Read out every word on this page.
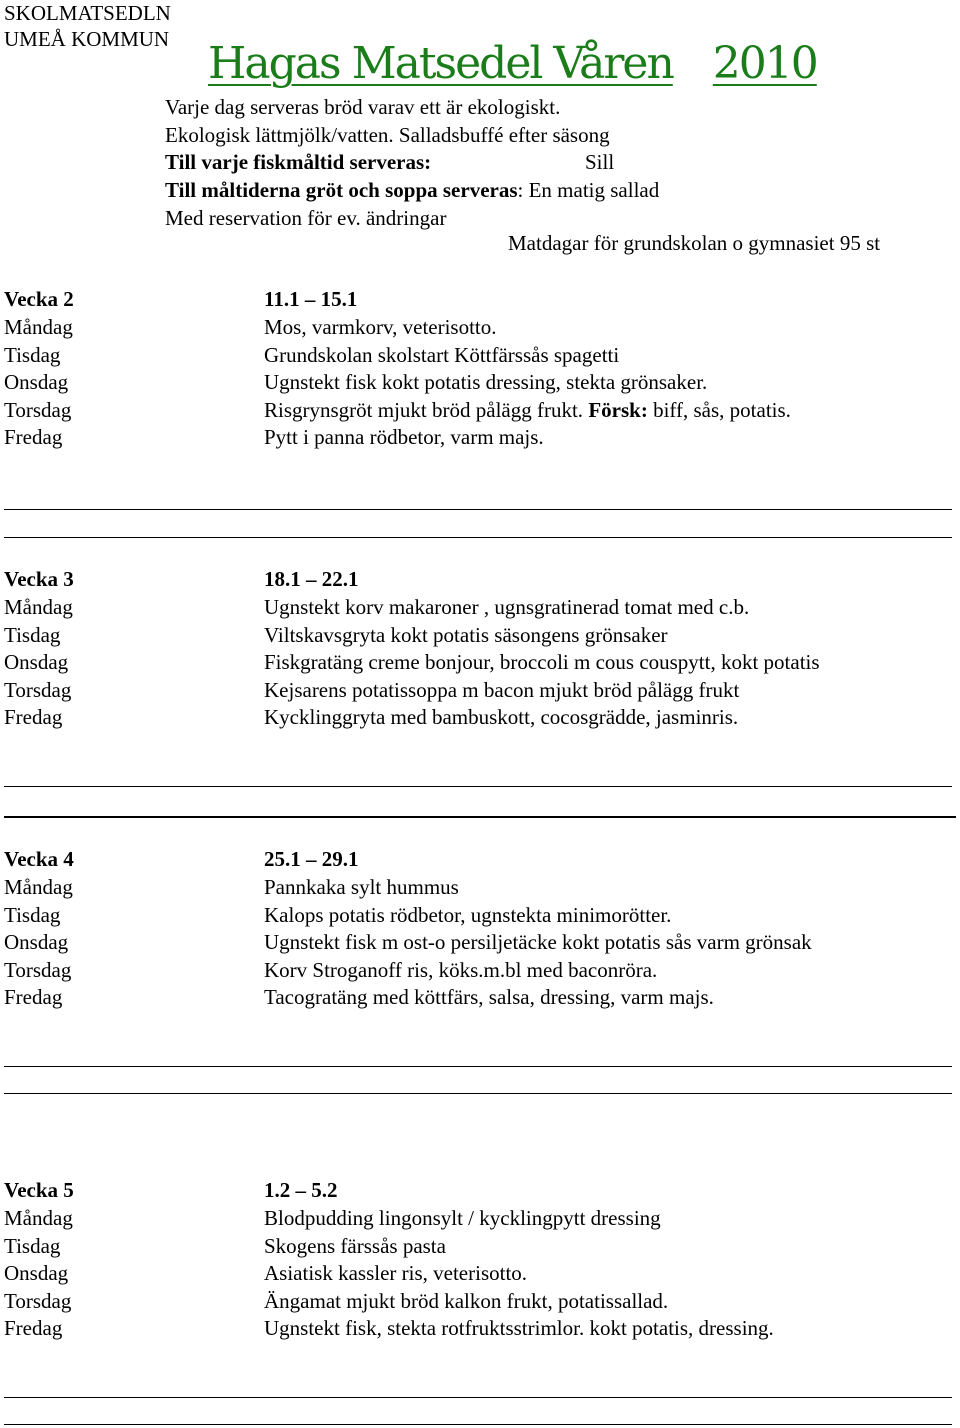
SKOLMATSEDLN
UMEÅ KOMMUN Hagas Matsedel Våren 2010
Varje dag serveras bröd varav ett är ekologiskt.
Ekologisk lättmjölk/vatten. Salladsbuffé efter säsong
Till varje fiskmåltid serveras:	Sill
Till måltiderna gröt och soppa serveras: En matig sallad
Med reservation för ev. ändringar
Matdagar för grundskolan o gymnasiet 95 st
Vecka 2	11.1 – 15.1
Måndag	Mos, varmkorv, veterisotto.
Tisdag	Grundskolan skolstart Köttfärssås spagetti
Onsdag	Ugnstekt fisk kokt potatis dressing, stekta grönsaker.
Torsdag	Risgrynsgröt mjukt bröd pålägg frukt. Försk: biff, sås, potatis.
Fredag	Pytt i panna rödbetor, varm majs.
Vecka 3	18.1 – 22.1
Måndag	Ugnstekt korv makaroner , ugnsgratinerad tomat med c.b.
Tisdag	Viltskavsgryta kokt potatis säsongens grönsaker
Onsdag	Fiskgratäng creme bonjour, broccoli m cous couspytt, kokt potatis
Torsdag	Kejsarens potatissoppa m bacon mjukt bröd pålägg frukt
Fredag	Kycklinggryta med bambuskott, cocosgrädde, jasminris.
Vecka 4	25.1 – 29.1
Måndag	Pannkaka sylt hummus
Tisdag	Kalops potatis rödbetor, ugnstekta minimorötter.
Onsdag	Ugnstekt fisk m ost-o persiljetäcke kokt potatis sås varm grönsak
Torsdag	Korv Stroganoff ris, köks.m.bl med baconröra.
Fredag	Tacogratäng med köttfärs, salsa, dressing, varm majs.
Vecka 5	1.2 – 5.2
Måndag	Blodpudding lingonsylt / kycklingpytt dressing
Tisdag	Skogens färssås pasta
Onsdag	Asiatisk kassler ris, veterisotto.
Torsdag	Ängamat mjukt bröd kalkon frukt, potatissallad.
Fredag	Ugnstekt fisk, stekta rotfruktsstrimlor. kokt potatis, dressing.
